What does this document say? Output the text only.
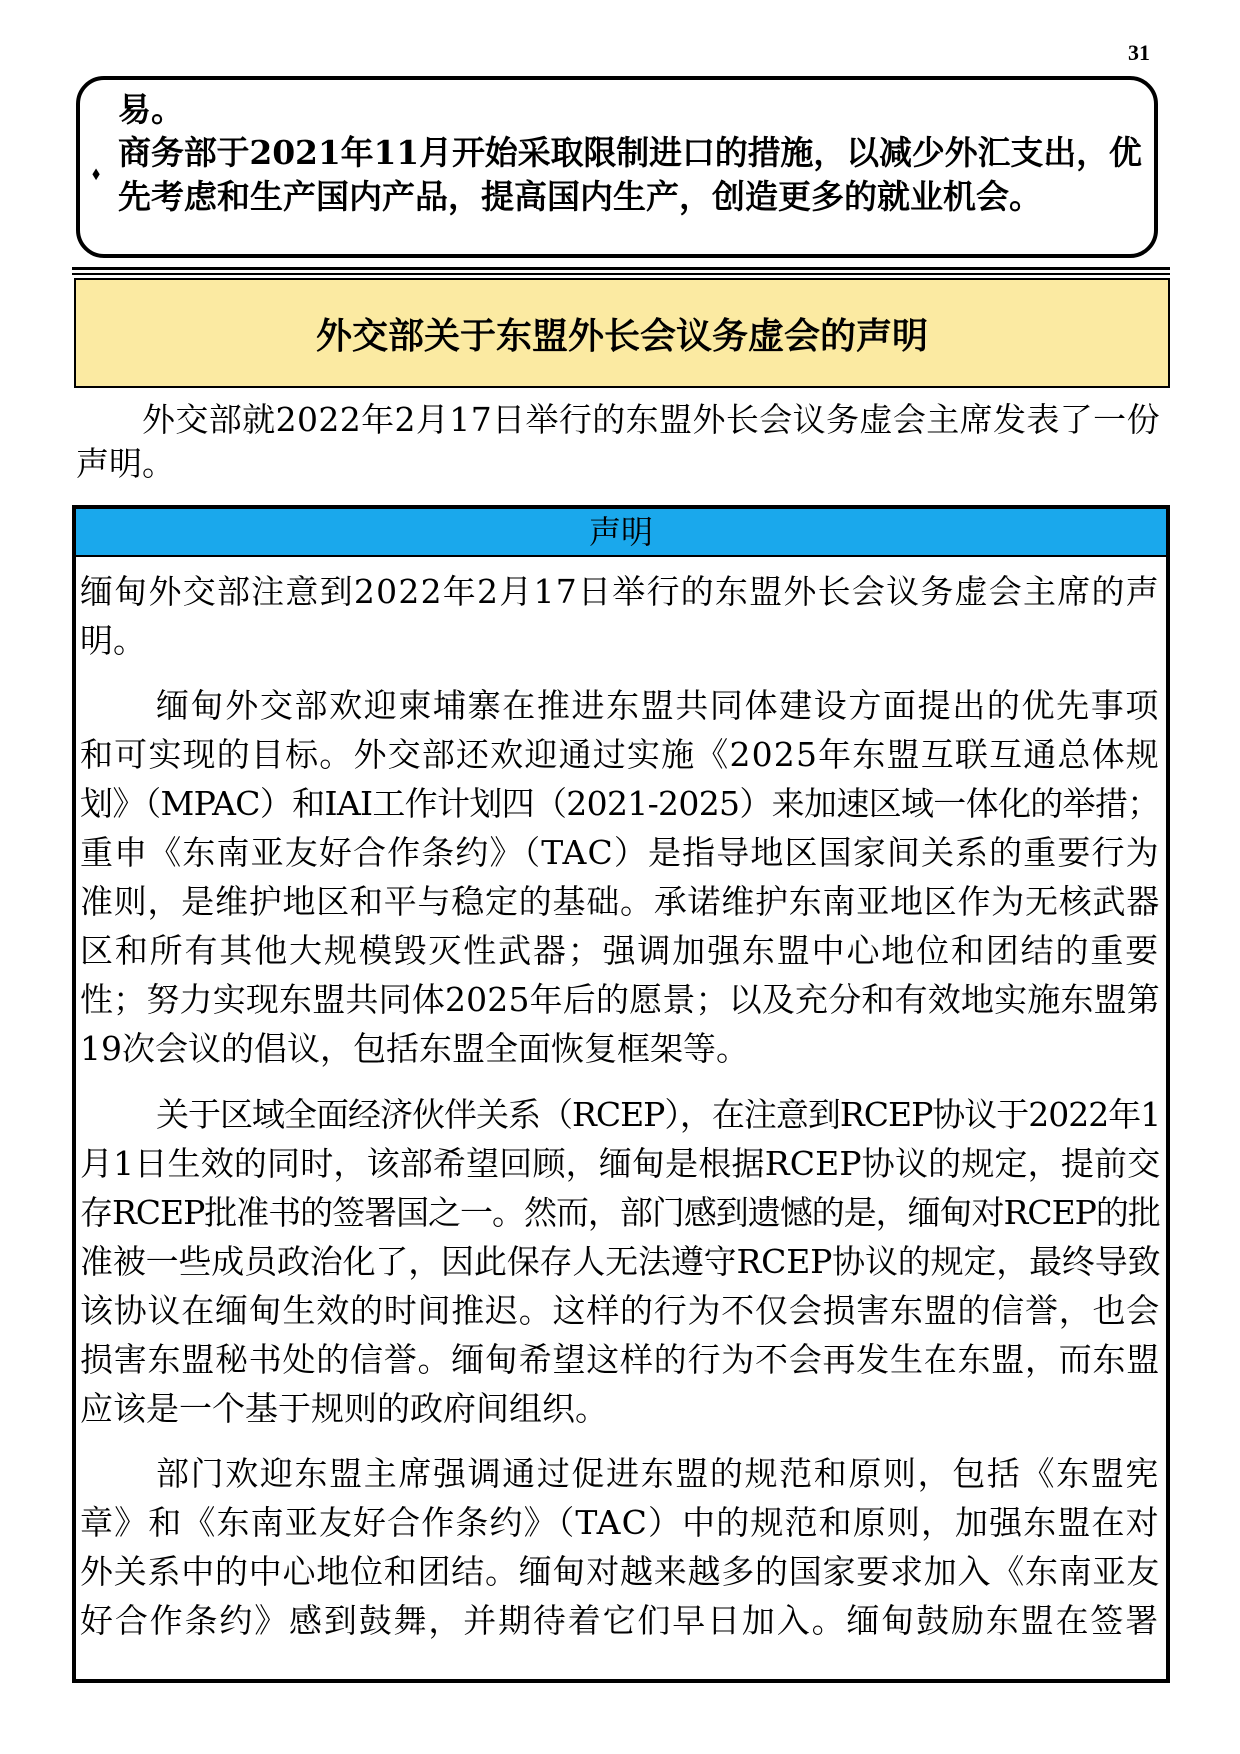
31
易。
⬧
商务部于2021年11月开始采取限制进口的措施，以减少外汇支出，优
先考虑和生产国内产品，提高国内生产，创造更多的就业机会。
外交部关于东盟外长会议务虚会的声明
外交部就2022年2月17日举行的东盟外长会议务虚会主席发表了一份
声明。
声明
缅甸外交部注意到2022年2月17日举行的东盟外长会议务虚会主席的声
明。
缅甸外交部欢迎柬埔寨在推进东盟共同体建设方面提出的优先事项
和可实现的目标。外交部还欢迎通过实施《2025年东盟互联互通总体规
划》（MPAC）和IAI工作计划四（2021-2025）来加速区域一体化的举措；
重申《东南亚友好合作条约》（TAC）是指导地区国家间关系的重要行为
准则，是维护地区和平与稳定的基础。承诺维护东南亚地区作为无核武器
区和所有其他大规模毁灭性武器；强调加强东盟中心地位和团结的重要
性；努力实现东盟共同体2025年后的愿景；以及充分和有效地实施东盟第
19次会议的倡议，包括东盟全面恢复框架等。
关于区域全面经济伙伴关系（RCEP），在注意到RCEP协议于2022年1
月1日生效的同时，该部希望回顾，缅甸是根据RCEP协议的规定，提前交
存RCEP批准书的签署国之一。然而，部门感到遗憾的是，缅甸对RCEP的批
准被一些成员政治化了，因此保存人无法遵守RCEP协议的规定，最终导致
该协议在缅甸生效的时间推迟。这样的行为不仅会损害东盟的信誉，也会
损害东盟秘书处的信誉。缅甸希望这样的行为不会再发生在东盟，而东盟
应该是一个基于规则的政府间组织。
部门欢迎东盟主席强调通过促进东盟的规范和原则，包括《东盟宪
章》和《东南亚友好合作条约》（TAC）中的规范和原则，加强东盟在对
外关系中的中心地位和团结。缅甸对越来越多的国家要求加入《东南亚友
好合作条约》感到鼓舞，并期待着它们早日加入。缅甸鼓励东盟在签署
